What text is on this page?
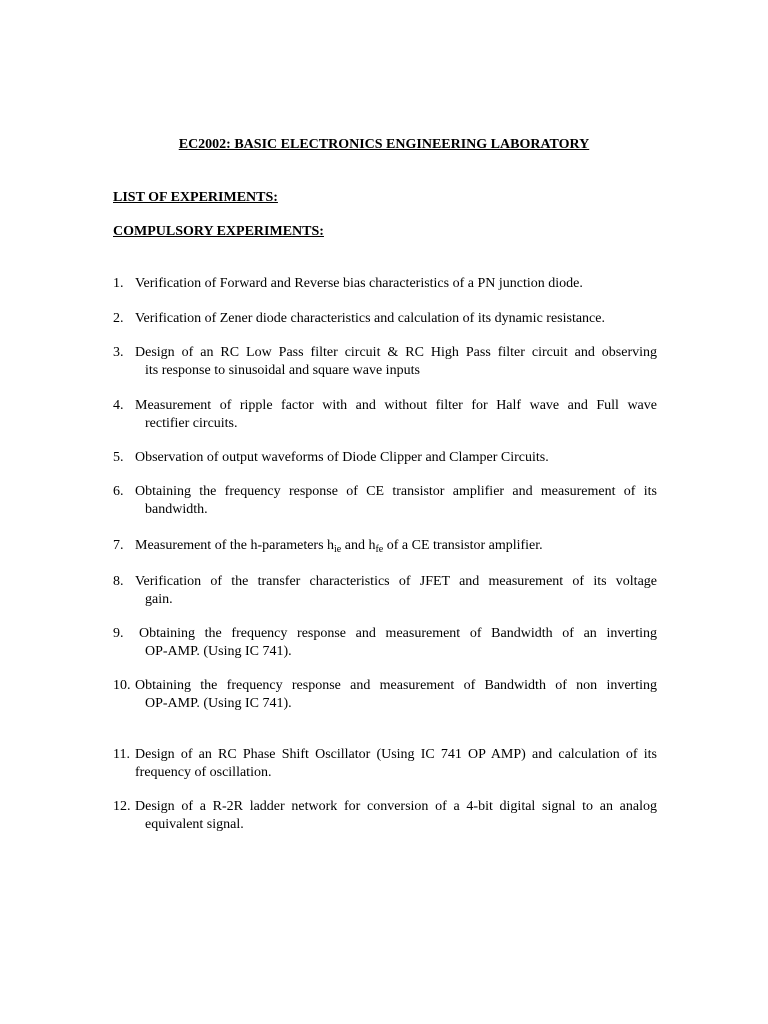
EC2002: BASIC ELECTRONICS ENGINEERING LABORATORY
LIST OF EXPERIMENTS:
COMPULSORY EXPERIMENTS:
1. Verification of Forward and Reverse bias characteristics of a PN junction diode.
2. Verification of Zener diode characteristics and calculation of its dynamic resistance.
3. Design of an RC Low Pass filter circuit & RC High Pass filter circuit and observing
its response to sinusoidal and square wave inputs
4. Measurement of ripple factor with and without filter for Half wave and Full wave
rectifier circuits.
5. Observation of output waveforms of Diode Clipper and Clamper Circuits.
6. Obtaining the frequency response of CE transistor amplifier and measurement of its
bandwidth.
7. Measurement of the h-parameters $h_{ie}$ and $h_{fe}$ of a CE transistor amplifier.
8. Verification of the transfer characteristics of JFET and measurement of its voltage
gain.
9.	Obtaining the frequency response and measurement of Bandwidth of an inverting
OP-AMP. (Using IC 741).
10. Obtaining the frequency response and measurement of Bandwidth of non inverting
OP-AMP. (Using IC 741).
11. Design of an RC Phase Shift Oscillator (Using IC 741 OP AMP) and calculation of its
frequency of oscillation.
12. Design of a R-2R ladder network for conversion of a 4-bit digital signal to an analog
equivalent signal.
